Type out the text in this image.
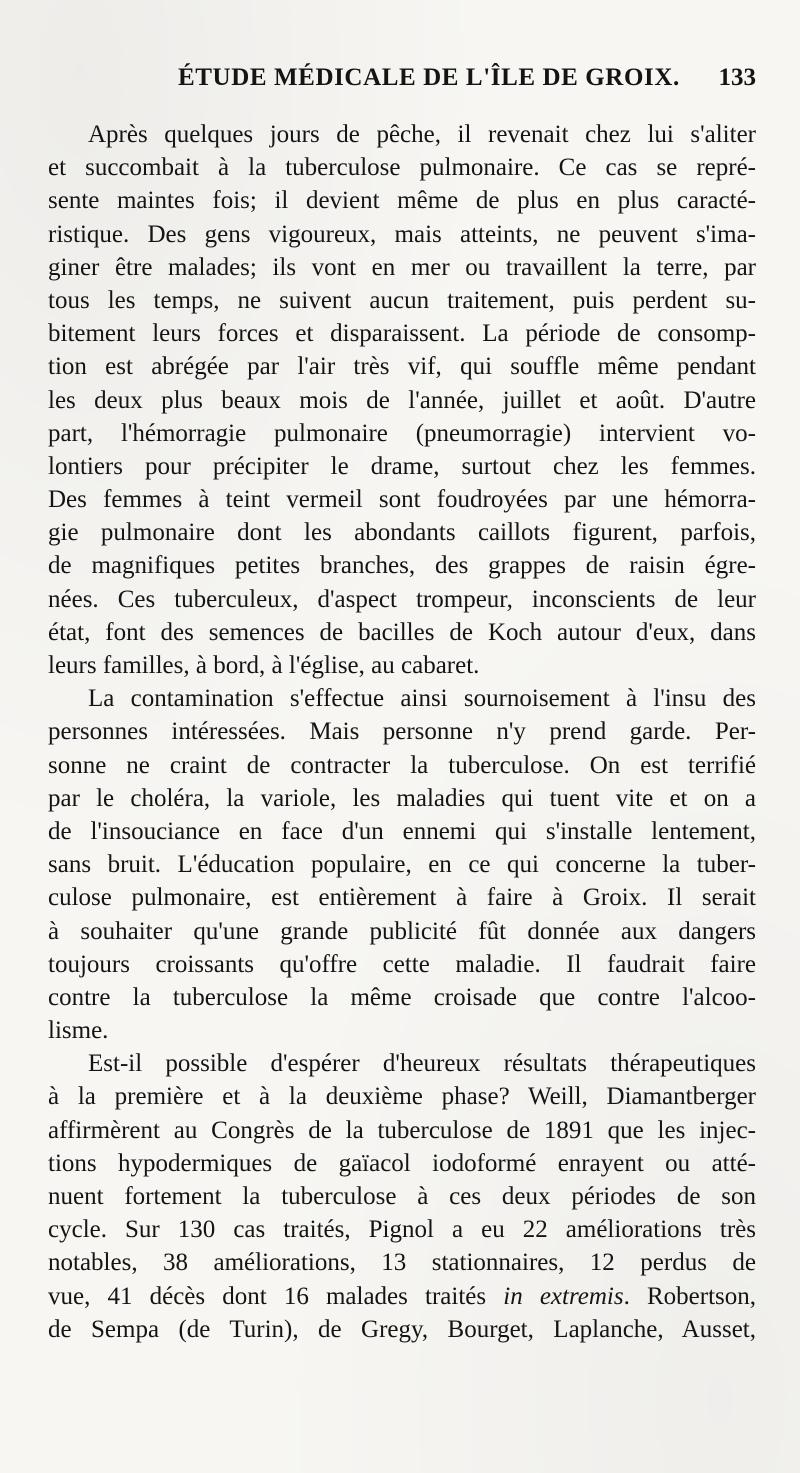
ÉTUDE MÉDICALE DE L'ÎLE DE GROIX. 133
Après quelques jours de pêche, il revenait chez lui s'aliter
et succombait à la tuberculose pulmonaire. Ce cas se repré-
sente maintes fois; il devient même de plus en plus caracté-
ristique. Des gens vigoureux, mais atteints, ne peuvent s'ima-
giner être malades; ils vont en mer ou travaillent la terre, par
tous les temps, ne suivent aucun traitement, puis perdent su-
bitement leurs forces et disparaissent. La période de consomp-
tion est abrégée par l'air très vif, qui souffle même pendant
les deux plus beaux mois de l'année, juillet et août. D'autre
part, l'hémorragie pulmonaire (pneumorragie) intervient vo-
lontiers pour précipiter le drame, surtout chez les femmes.
Des femmes à teint vermeil sont foudroyées par une hémorra-
gie pulmonaire dont les abondants caillots figurent, parfois,
de magnifiques petites branches, des grappes de raisin égre-
nées. Ces tuberculeux, d'aspect trompeur, inconscients de leur
état, font des semences de bacilles de Koch autour d'eux, dans
leurs familles, à bord, à l'église, au cabaret.
La contamination s'effectue ainsi sournoisement à l'insu des
personnes intéressées. Mais personne n'y prend garde. Per-
sonne ne craint de contracter la tuberculose. On est terrifié
par le choléra, la variole, les maladies qui tuent vite et on a
de l'insouciance en face d'un ennemi qui s'installe lentement,
sans bruit. L'éducation populaire, en ce qui concerne la tuber-
culose pulmonaire, est entièrement à faire à Groix. Il serait
à souhaiter qu'une grande publicité fût donnée aux dangers
toujours croissants qu'offre cette maladie. Il faudrait faire
contre la tuberculose la même croisade que contre l'alcoo-
lisme.
Est-il possible d'espérer d'heureux résultats thérapeutiques
à la première et à la deuxième phase? Weill, Diamantberger
affirmèrent au Congrès de la tuberculose de 1891 que les injec-
tions hypodermiques de gaïacol iodoformé enrayent ou atté-
nuent fortement la tuberculose à ces deux périodes de son
cycle. Sur 130 cas traités, Pignol a eu 22 améliorations très
notables, 38 améliorations, 13 stationnaires, 12 perdus de
vue, 41 décès dont 16 malades traités in extremis. Robertson,
de Sempa (de Turin), de Gregy, Bourget, Laplanche, Ausset,
